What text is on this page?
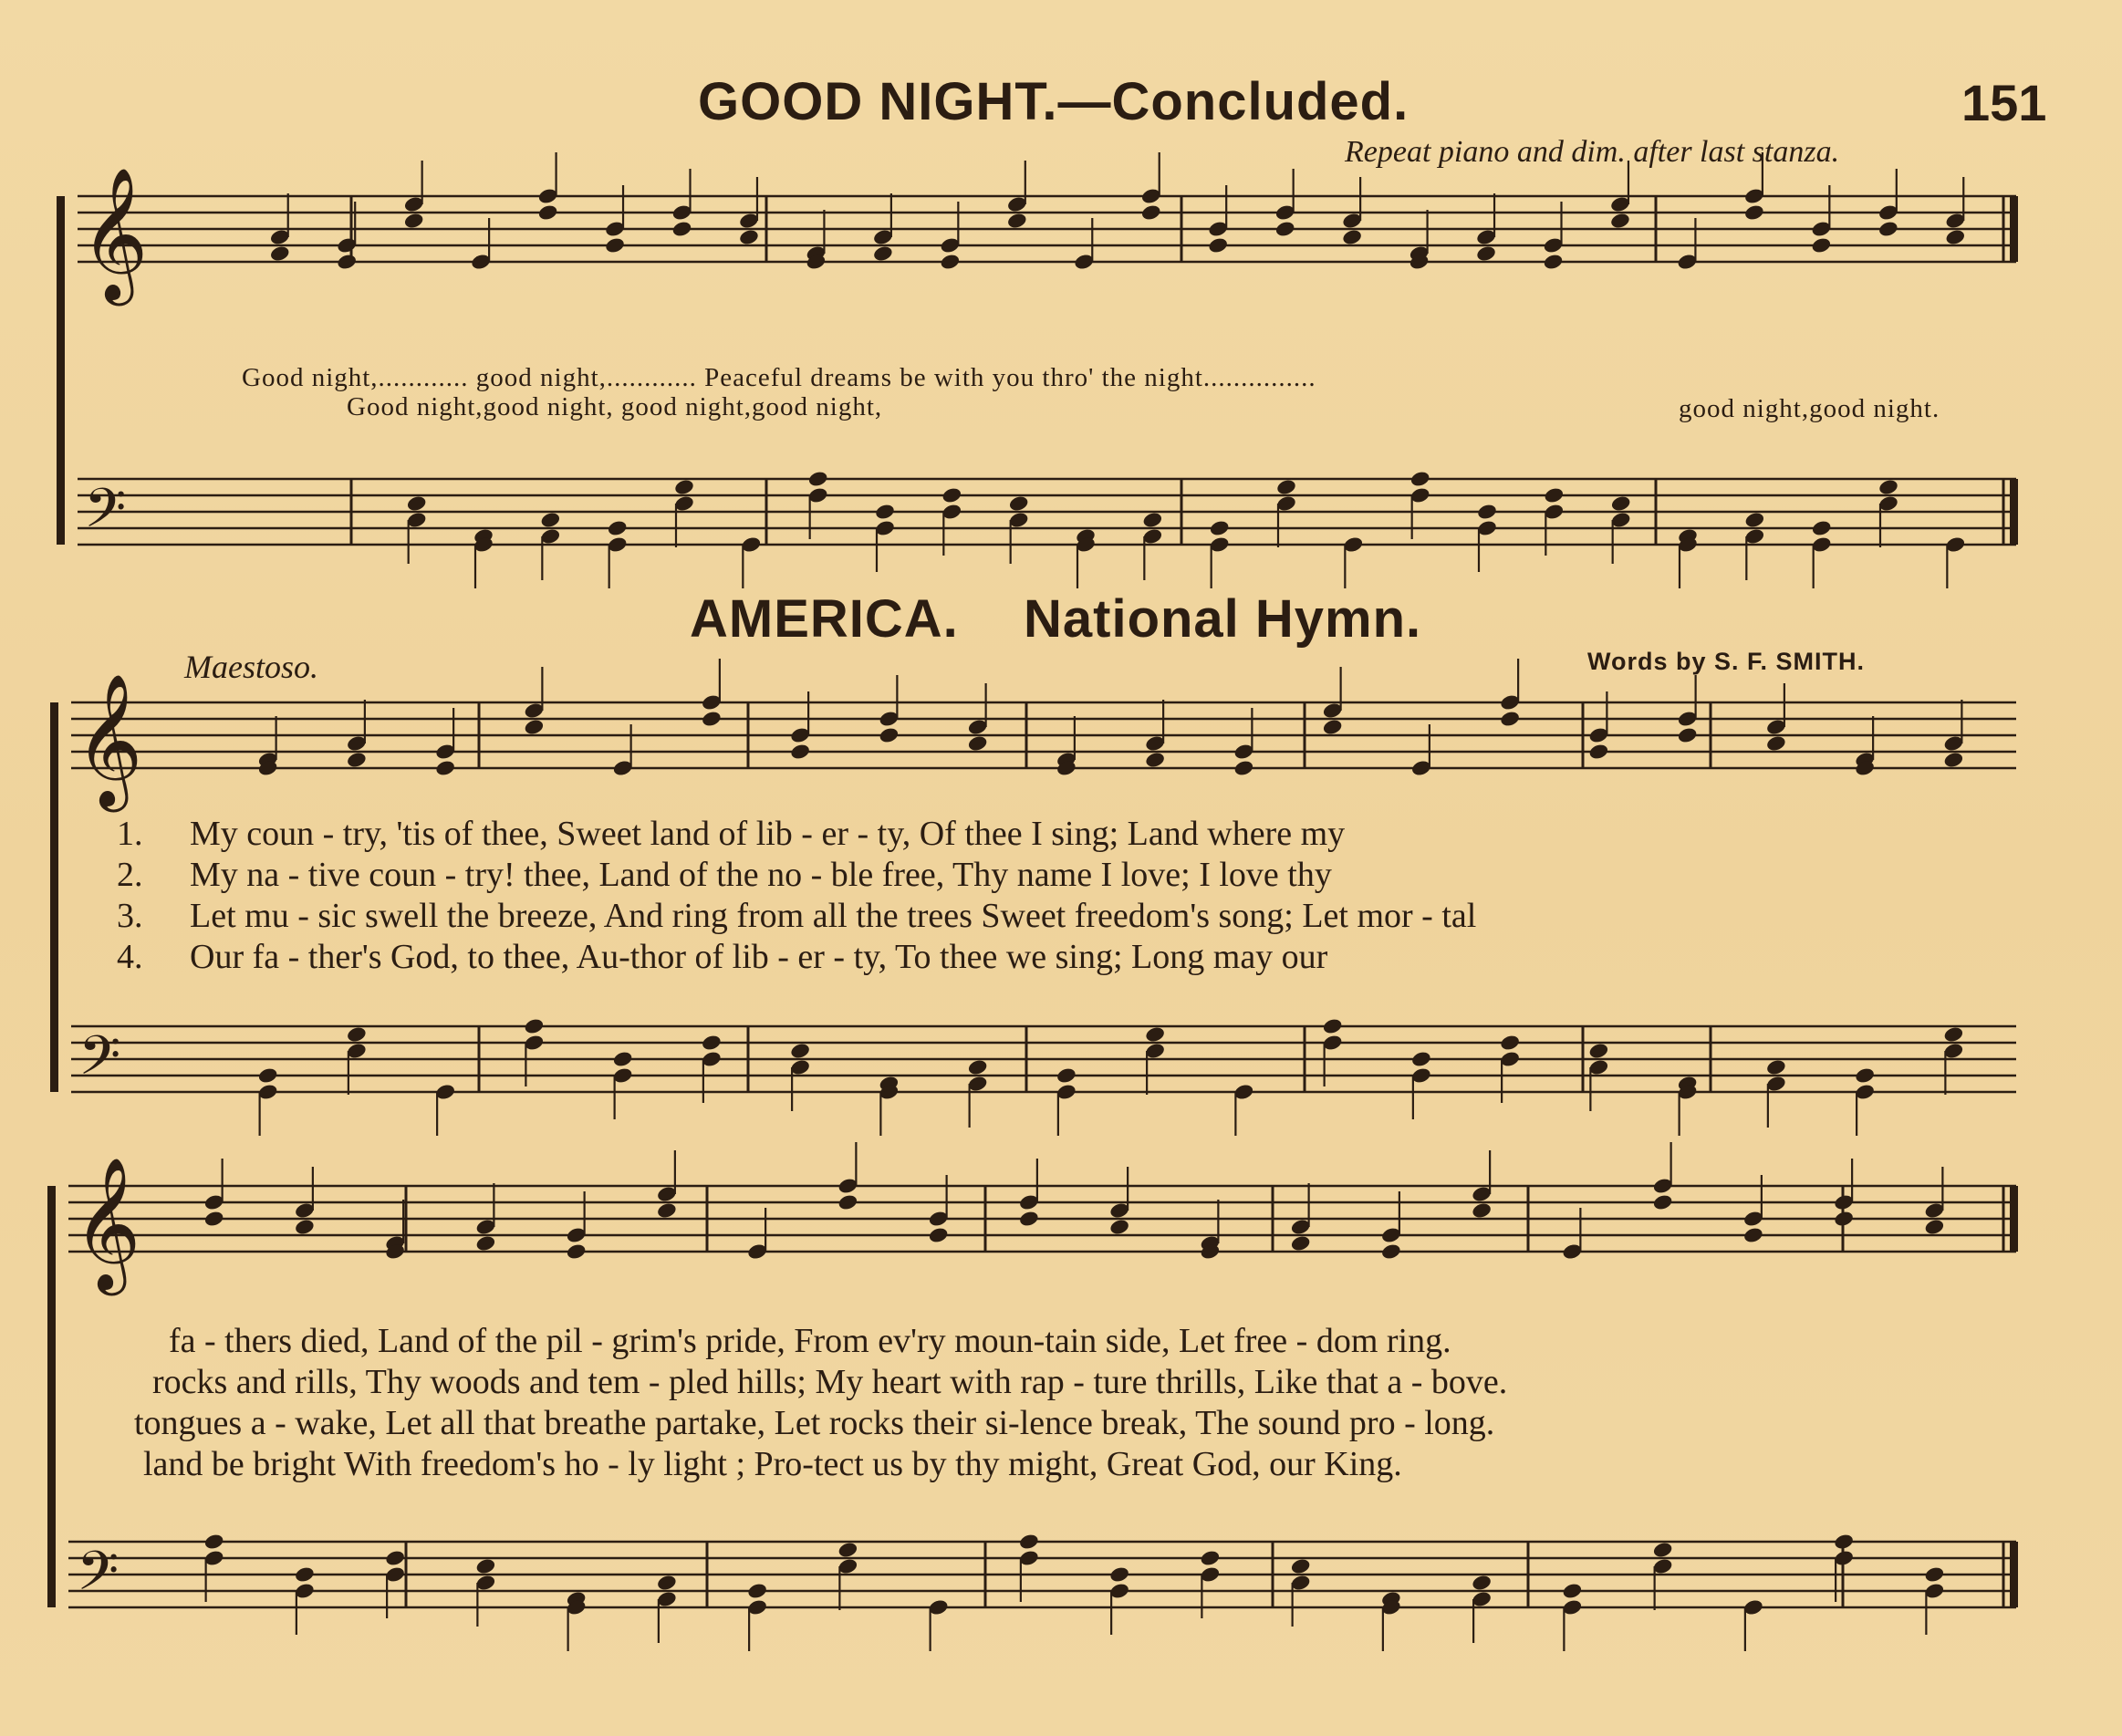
GOOD NIGHT.—Concluded.	151
Repeat piano and dim. after last stanza.
Good night,............ good night,............ Peaceful dreams be with you thro' the night...............
Good night,good night, good night,good night,	good night,good night.
AMERICA. National Hymn.
Maestoso.	Words by S. F. SMITH.
1.
2.
3.
4.
My coun - try, 'tis of thee, Sweet land of lib - er - ty, Of thee I sing; Land where my
My na - tive coun - try! thee, Land of the no - ble free, Thy name I love; I love thy
Let mu - sic swell the breeze, And ring from all the trees Sweet freedom's song; Let mor - tal
Our fa - ther's God, to thee, Au-thor of lib - er - ty, To thee we sing; Long may our
fa - thers died, Land of the pil - grim's pride, From ev'ry moun-tain side, Let free - dom ring.
rocks and rills, Thy woods and tem - pled hills; My heart with rap - ture thrills, Like that a - bove.
tongues a - wake, Let all that breathe partake, Let rocks their si-lence break, The sound pro - long.
land be bright With freedom's ho - ly light ; Pro-tect us by thy might, Great God, our King.
𝄞
𝄢
𝄞
𝄢
𝄞
𝄢
